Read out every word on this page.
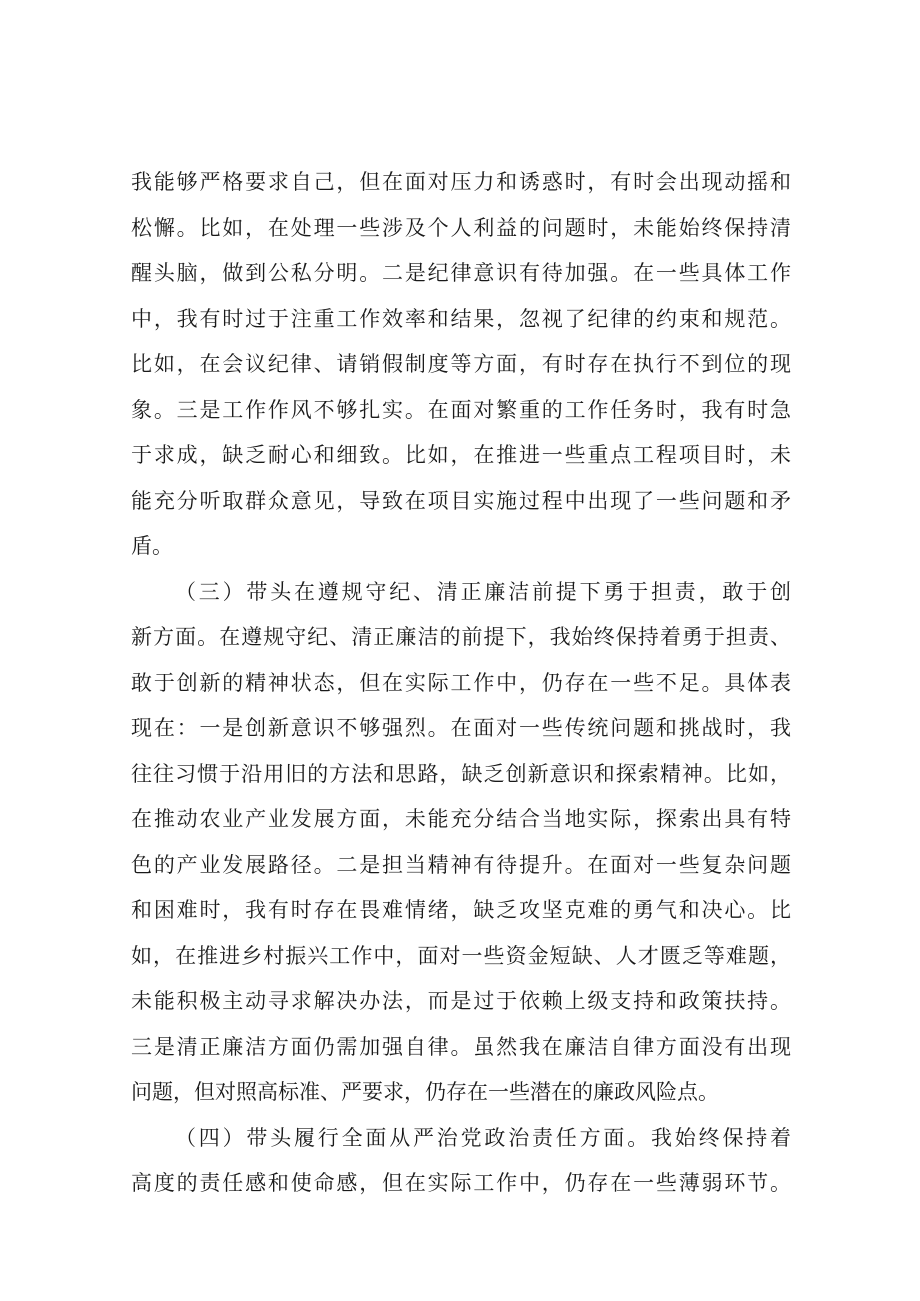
我能够严格要求自己，但在面对压力和诱惑时，有时会出现动摇和
松懈。比如，在处理一些涉及个人利益的问题时，未能始终保持清
醒头脑，做到公私分明。二是纪律意识有待加强。在一些具体工作
中，我有时过于注重工作效率和结果，忽视了纪律的约束和规范。
比如，在会议纪律、请销假制度等方面，有时存在执行不到位的现
象。三是工作作风不够扎实。在面对繁重的工作任务时，我有时急
于求成，缺乏耐心和细致。比如，在推进一些重点工程项目时，未
能充分听取群众意见，导致在项目实施过程中出现了一些问题和矛
盾。
（三）带头在遵规守纪、清正廉洁前提下勇于担责，敢于创
新方面。在遵规守纪、清正廉洁的前提下，我始终保持着勇于担责、
敢于创新的精神状态，但在实际工作中，仍存在一些不足。具体表
现在：一是创新意识不够强烈。在面对一些传统问题和挑战时，我
往往习惯于沿用旧的方法和思路，缺乏创新意识和探索精神。比如，
在推动农业产业发展方面，未能充分结合当地实际，探索出具有特
色的产业发展路径。二是担当精神有待提升。在面对一些复杂问题
和困难时，我有时存在畏难情绪，缺乏攻坚克难的勇气和决心。比
如，在推进乡村振兴工作中，面对一些资金短缺、人才匮乏等难题，
未能积极主动寻求解决办法，而是过于依赖上级支持和政策扶持。
三是清正廉洁方面仍需加强自律。虽然我在廉洁自律方面没有出现
问题，但对照高标准、严要求，仍存在一些潜在的廉政风险点。
（四）带头履行全面从严治党政治责任方面。我始终保持着
高度的责任感和使命感，但在实际工作中，仍存在一些薄弱环节。
